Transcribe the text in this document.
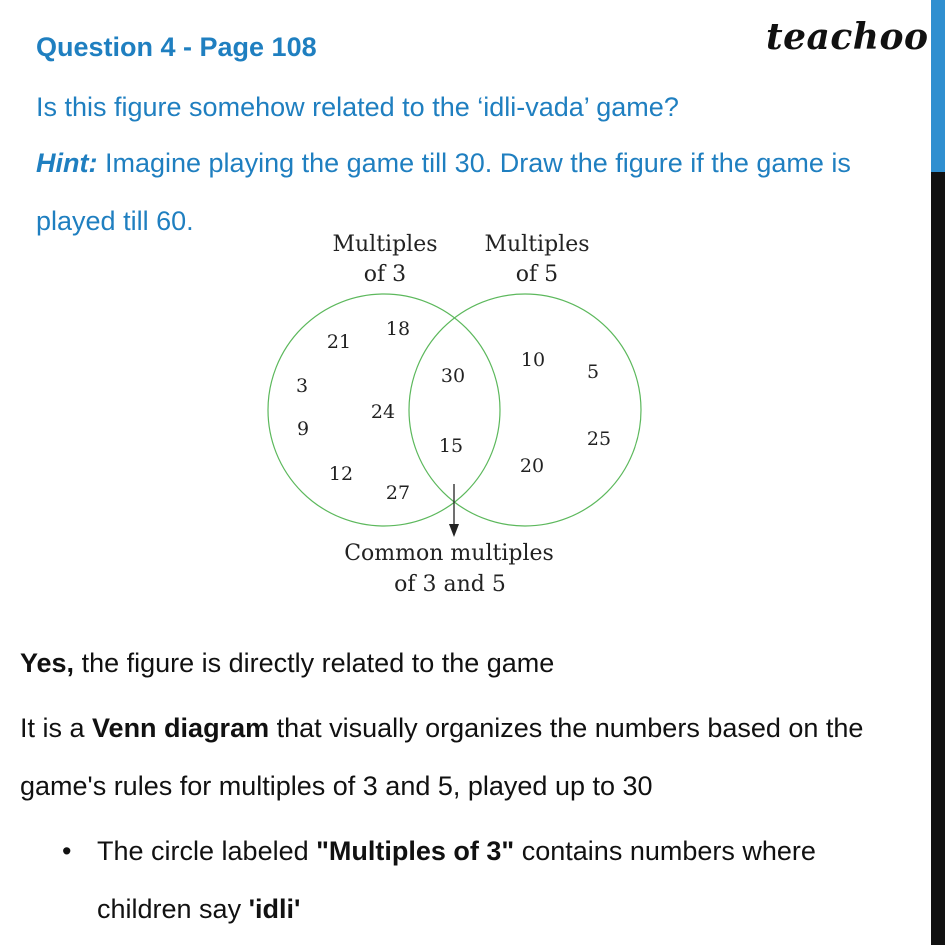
Question 4 - Page 108	teachoo
Is this figure somehow related to the ‘idli-vada’ game?
Hint: Imagine playing the game till 30. Draw the figure if the game is
played till 60.
Multiples
of 3
Multiples
of 5
21
18
3
9
24
12
27
30
15
10
5
25
20
Common multiples
of 3 and 5
Yes, the figure is directly related to the game
It is a Venn diagram that visually organizes the numbers based on the
game's rules for multiples of 3 and 5, played up to 30
• The circle labeled "Multiples of 3" contains numbers where
children say 'idli'
